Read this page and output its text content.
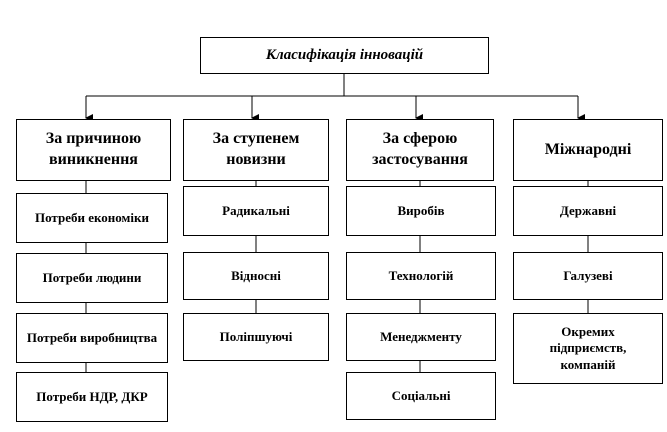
Класифікація інновацій
За причиною виникнення
За ступенем новизни
За сферою застосування
Міжнародні
Потреби економіки
Потреби людини
Потреби виробництва
Потреби НДР, ДКР
Радикальні
Відносні
Поліпшуючі
Виробів
Технологій
Менеджменту
Соціальні
Державні
Галузеві
Окремих підприємств, компаній
